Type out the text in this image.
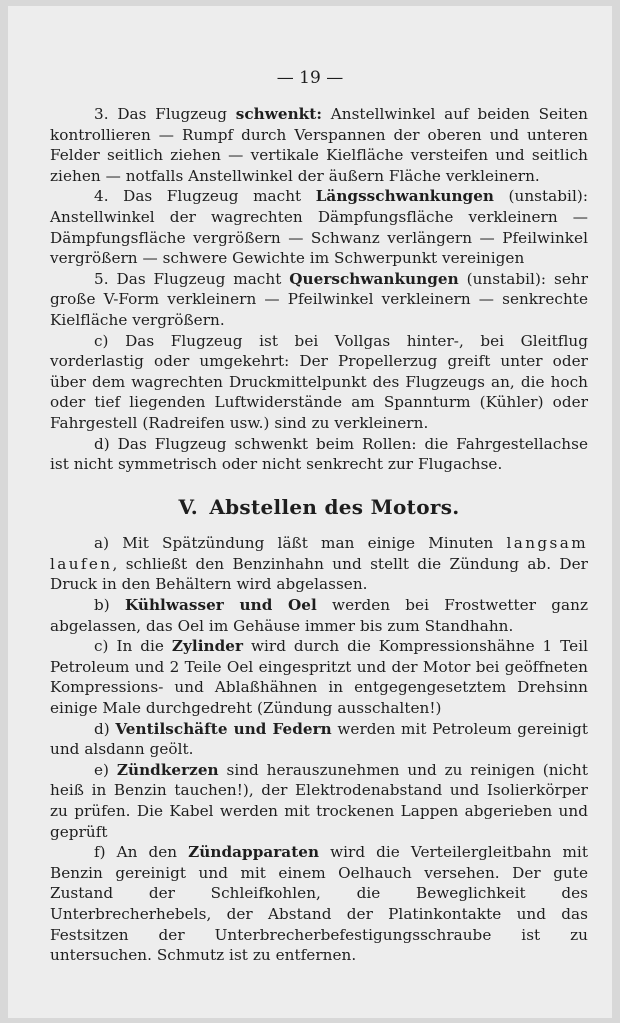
— 19 —

3. Das Flugzeug schwenkt: Anstellwinkel auf beiden Seiten kontrollieren — Rumpf durch Verspannen der oberen und unteren Felder seitlich ziehen — vertikale Kielfläche versteifen und seitlich ziehen — notfalls Anstellwinkel der äußern Fläche verkleinern.

4. Das Flugzeug macht Längsschwankungen (unstabil): Anstellwinkel der wagrechten Dämpfungsfläche verkleinern — Dämpfungsfläche vergrößern — Schwanz verlängern — Pfeilwinkel vergrößern — schwere Gewichte im Schwerpunkt vereinigen

5. Das Flugzeug macht Querschwankungen (unstabil): sehr große V-Form verkleinern — Pfeilwinkel verkleinern — senkrechte Kielfläche vergrößern.

c) Das Flugzeug ist bei Vollgas hinter-, bei Gleitflug vorderlastig oder umgekehrt: Der Propellerzug greift unter oder über dem wagrechten Druckmittelpunkt des Flugzeugs an, die hoch oder tief liegenden Luftwiderstände am Spannturm (Kühler) oder Fahrgestell (Radreifen usw.) sind zu verkleinern.

d) Das Flugzeug schwenkt beim Rollen: die Fahrgestellachse ist nicht symmetrisch oder nicht senkrecht zur Flugachse.

V. Abstellen des Motors.

a) Mit Spätzündung läßt man einige Minuten langsam laufen, schließt den Benzinhahn und stellt die Zündung ab. Der Druck in den Behältern wird abgelassen.

b) Kühlwasser und Oel werden bei Frostwetter ganz abgelassen, das Oel im Gehäuse immer bis zum Standhahn.

c) In die Zylinder wird durch die Kompressionshähne 1 Teil Petroleum und 2 Teile Oel eingespritzt und der Motor bei geöffneten Kompressions- und Ablaßhähnen in entgegengesetztem Drehsinn einige Male durchgedreht (Zündung ausschalten!)

d) Ventilschäfte und Federn werden mit Petroleum gereinigt und alsdann geölt.

e) Zündkerzen sind herauszunehmen und zu reinigen (nicht heiß in Benzin tauchen!), der Elektrodenabstand und Isolierkörper zu prüfen. Die Kabel werden mit trockenen Lappen abgerieben und geprüft

f) An den Zündapparaten wird die Verteilergleitbahn mit Benzin gereinigt und mit einem Oelhauch versehen. Der gute Zustand der Schleifkohlen, die Beweglichkeit des Unterbrecherhebels, der Abstand der Platinkontakte und das Festsitzen der Unterbrecherbefestigungsschraube ist zu untersuchen. Schmutz ist zu entfernen.
